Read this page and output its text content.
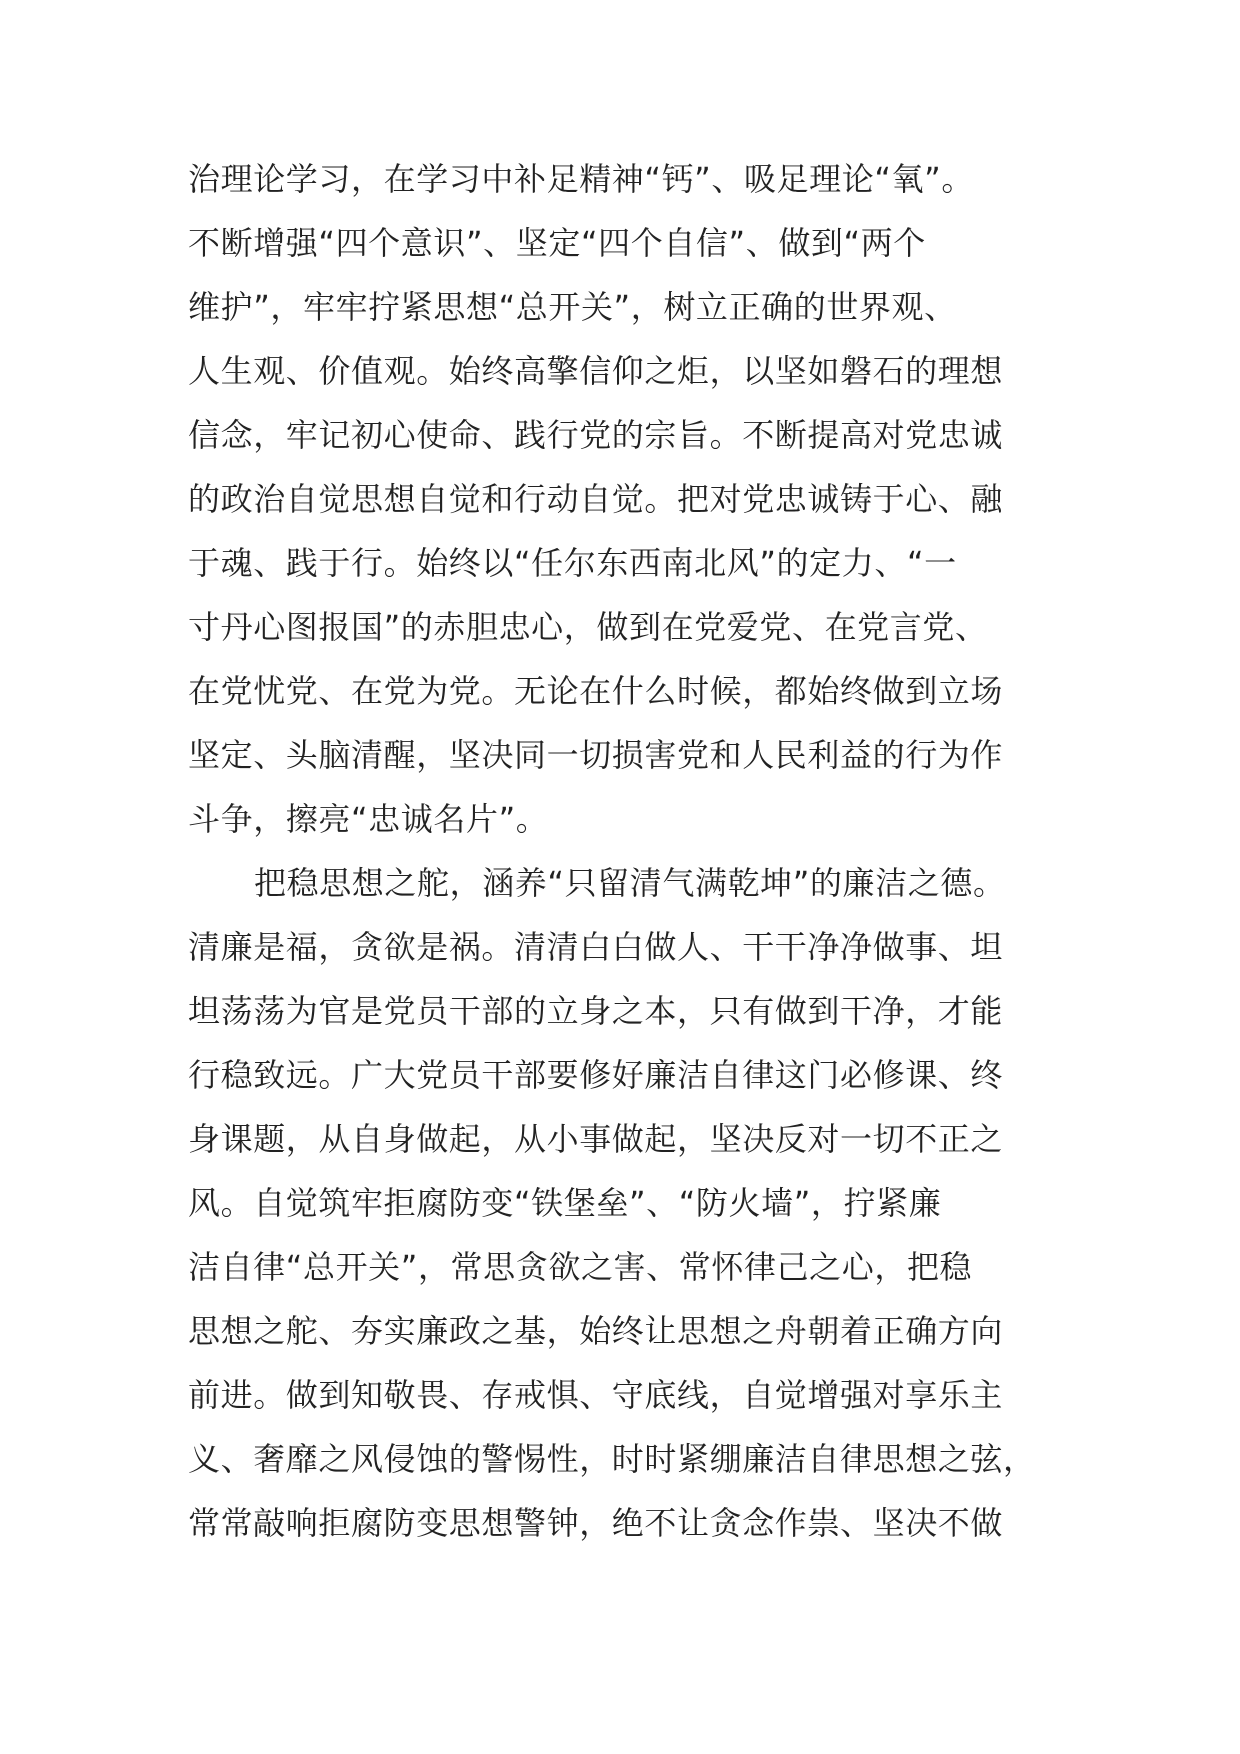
治理论学习，在学习中补足精神“钙”、吸足理论“氧”。

不断增强“四个意识”、坚定“四个自信”、做到“两个

维护”，牢牢拧紧思想“总开关”，树立正确的世界观、

人生观、价值观。始终高擎信仰之炬，以坚如磐石的理想

信念，牢记初心使命、践行党的宗旨。不断提高对党忠诚

的政治自觉思想自觉和行动自觉。把对党忠诚铸于心、融

于魂、践于行。始终以“任尔东西南北风”的定力、“一

寸丹心图报国”的赤胆忠心，做到在党爱党、在党言党、

在党忧党、在党为党。无论在什么时候，都始终做到立场

坚定、头脑清醒，坚决同一切损害党和人民利益的行为作

斗争，擦亮“忠诚名片”。

把稳思想之舵，涵养“只留清气满乾坤”的廉洁之德。

清廉是福，贪欲是祸。清清白白做人、干干净净做事、坦

坦荡荡为官是党员干部的立身之本，只有做到干净，才能

行稳致远。广大党员干部要修好廉洁自律这门必修课、终

身课题，从自身做起，从小事做起，坚决反对一切不正之

风。自觉筑牢拒腐防变“铁堡垒”、“防火墙”，拧紧廉

洁自律“总开关”，常思贪欲之害、常怀律己之心，把稳

思想之舵、夯实廉政之基，始终让思想之舟朝着正确方向

前进。做到知敬畏、存戒惧、守底线，自觉增强对享乐主

义、奢靡之风侵蚀的警惕性，时时紧绷廉洁自律思想之弦，

常常敲响拒腐防变思想警钟，绝不让贪念作祟、坚决不做
